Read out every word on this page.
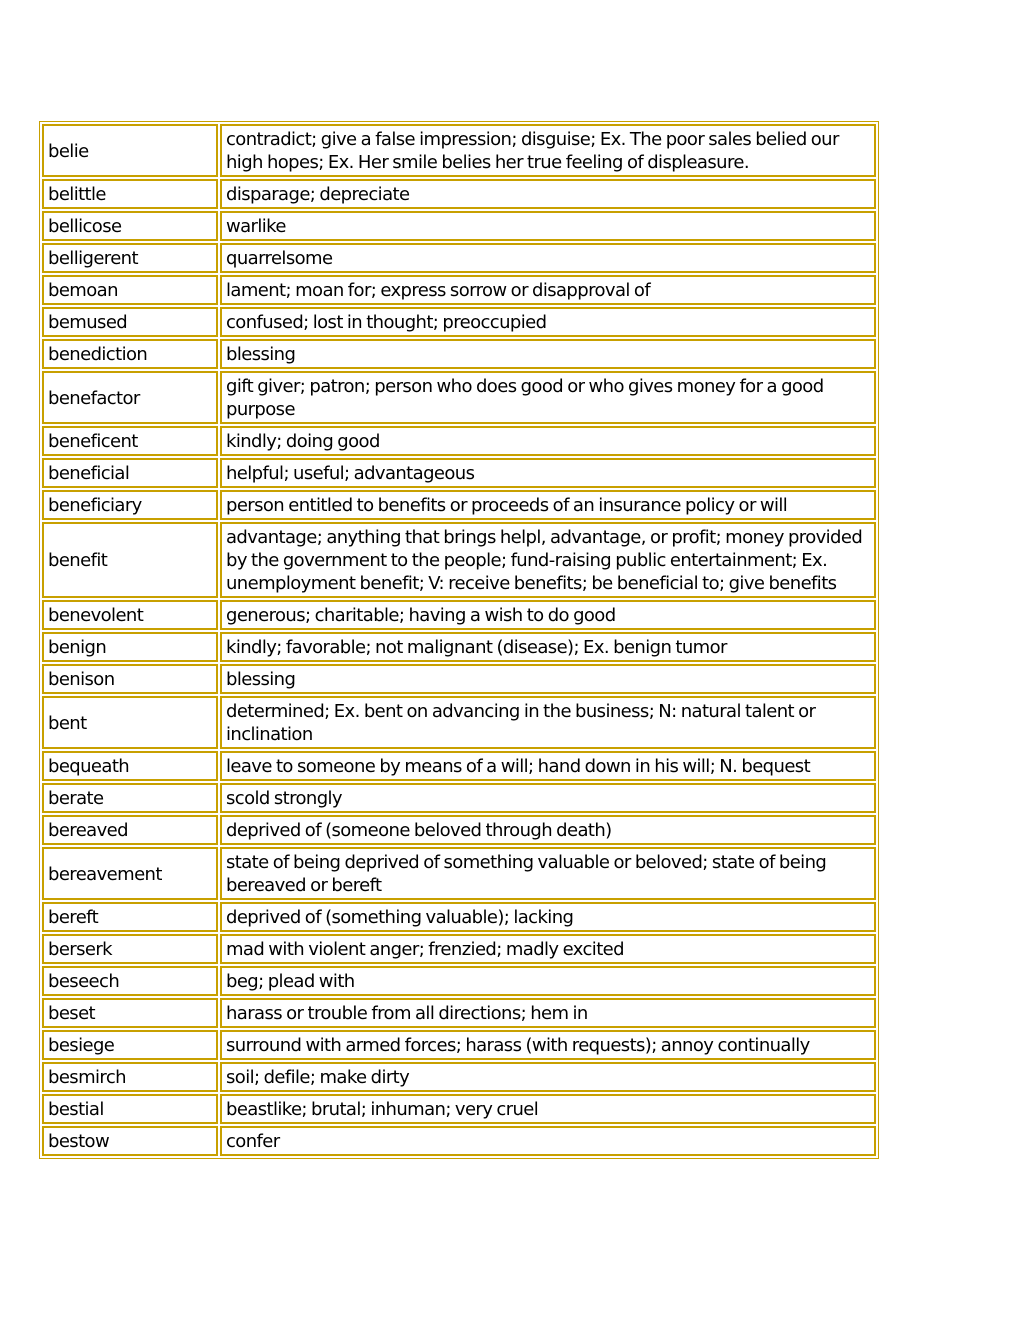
belie	contradict; give a false impression; disguise; Ex. The poor sales belied our high hopes; Ex. Her smile belies her true feeling of displeasure.
belittle	disparage; depreciate
bellicose	warlike
belligerent	quarrelsome
bemoan	lament; moan for; express sorrow or disapproval of
bemused	confused; lost in thought; preoccupied
benediction	blessing
benefactor	gift giver; patron; person who does good or who gives money for a good purpose
beneficent	kindly; doing good
beneficial	helpful; useful; advantageous
beneficiary	person entitled to benefits or proceeds of an insurance policy or will
benefit	advantage; anything that brings helpl, advantage, or profit; money provided by the government to the people; fund-raising public entertainment; Ex. unemployment benefit; V: receive benefits; be beneficial to; give benefits
benevolent	generous; charitable; having a wish to do good
benign	kindly; favorable; not malignant (disease); Ex. benign tumor
benison	blessing
bent	determined; Ex. bent on advancing in the business; N: natural talent or inclination
bequeath	leave to someone by means of a will; hand down in his will; N. bequest
berate	scold strongly
bereaved	deprived of (someone beloved through death)
bereavement	state of being deprived of something valuable or beloved; state of being bereaved or bereft
bereft	deprived of (something valuable); lacking
berserk	mad with violent anger; frenzied; madly excited
beseech	beg; plead with
beset	harass or trouble from all directions; hem in
besiege	surround with armed forces; harass (with requests); annoy continually
besmirch	soil; defile; make dirty
bestial	beastlike; brutal; inhuman; very cruel
bestow	confer
